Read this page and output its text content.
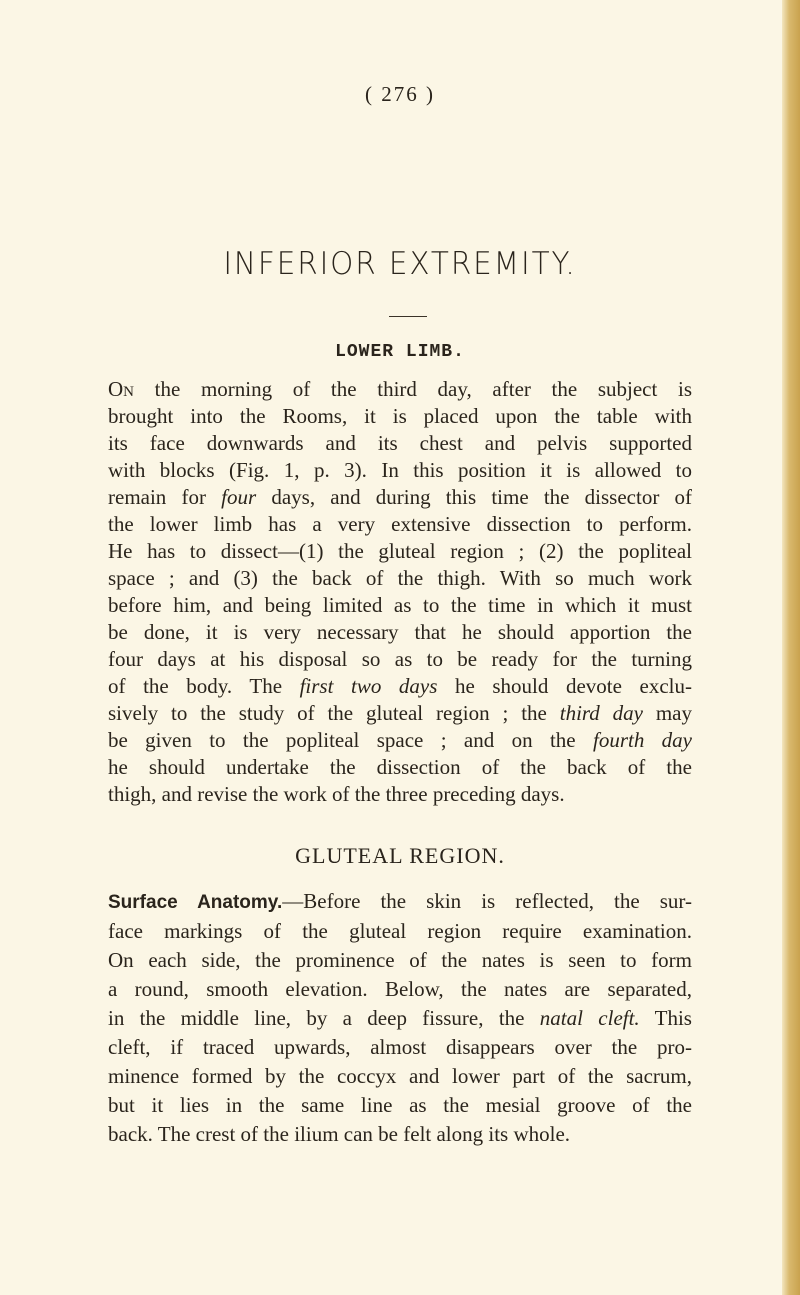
( 276 )
INFERIOR EXTREMITY.
LOWER LIMB.
On the morning of the third day, after the subject is
brought into the Rooms, it is placed upon the table with
its face downwards and its chest and pelvis supported
with blocks (Fig. 1, p. 3). In this position it is allowed to
remain for four days, and during this time the dissector of
the lower limb has a very extensive dissection to perform.
He has to dissect—(1) the gluteal region ; (2) the popliteal
space ; and (3) the back of the thigh. With so much work
before him, and being limited as to the time in which it must
be done, it is very necessary that he should apportion the
four days at his disposal so as to be ready for the turning
of the body. The first two days he should devote exclu-
sively to the study of the gluteal region ; the third day may
be given to the popliteal space ; and on the fourth day
he should undertake the dissection of the back of the
thigh, and revise the work of the three preceding days.
GLUTEAL REGION.
Surface Anatomy.—Before the skin is reflected, the sur-
face markings of the gluteal region require examination.
On each side, the prominence of the nates is seen to form
a round, smooth elevation. Below, the nates are separated,
in the middle line, by a deep fissure, the natal cleft. This
cleft, if traced upwards, almost disappears over the pro-
minence formed by the coccyx and lower part of the sacrum,
but it lies in the same line as the mesial groove of the
back. The crest of the ilium can be felt along its whole.
